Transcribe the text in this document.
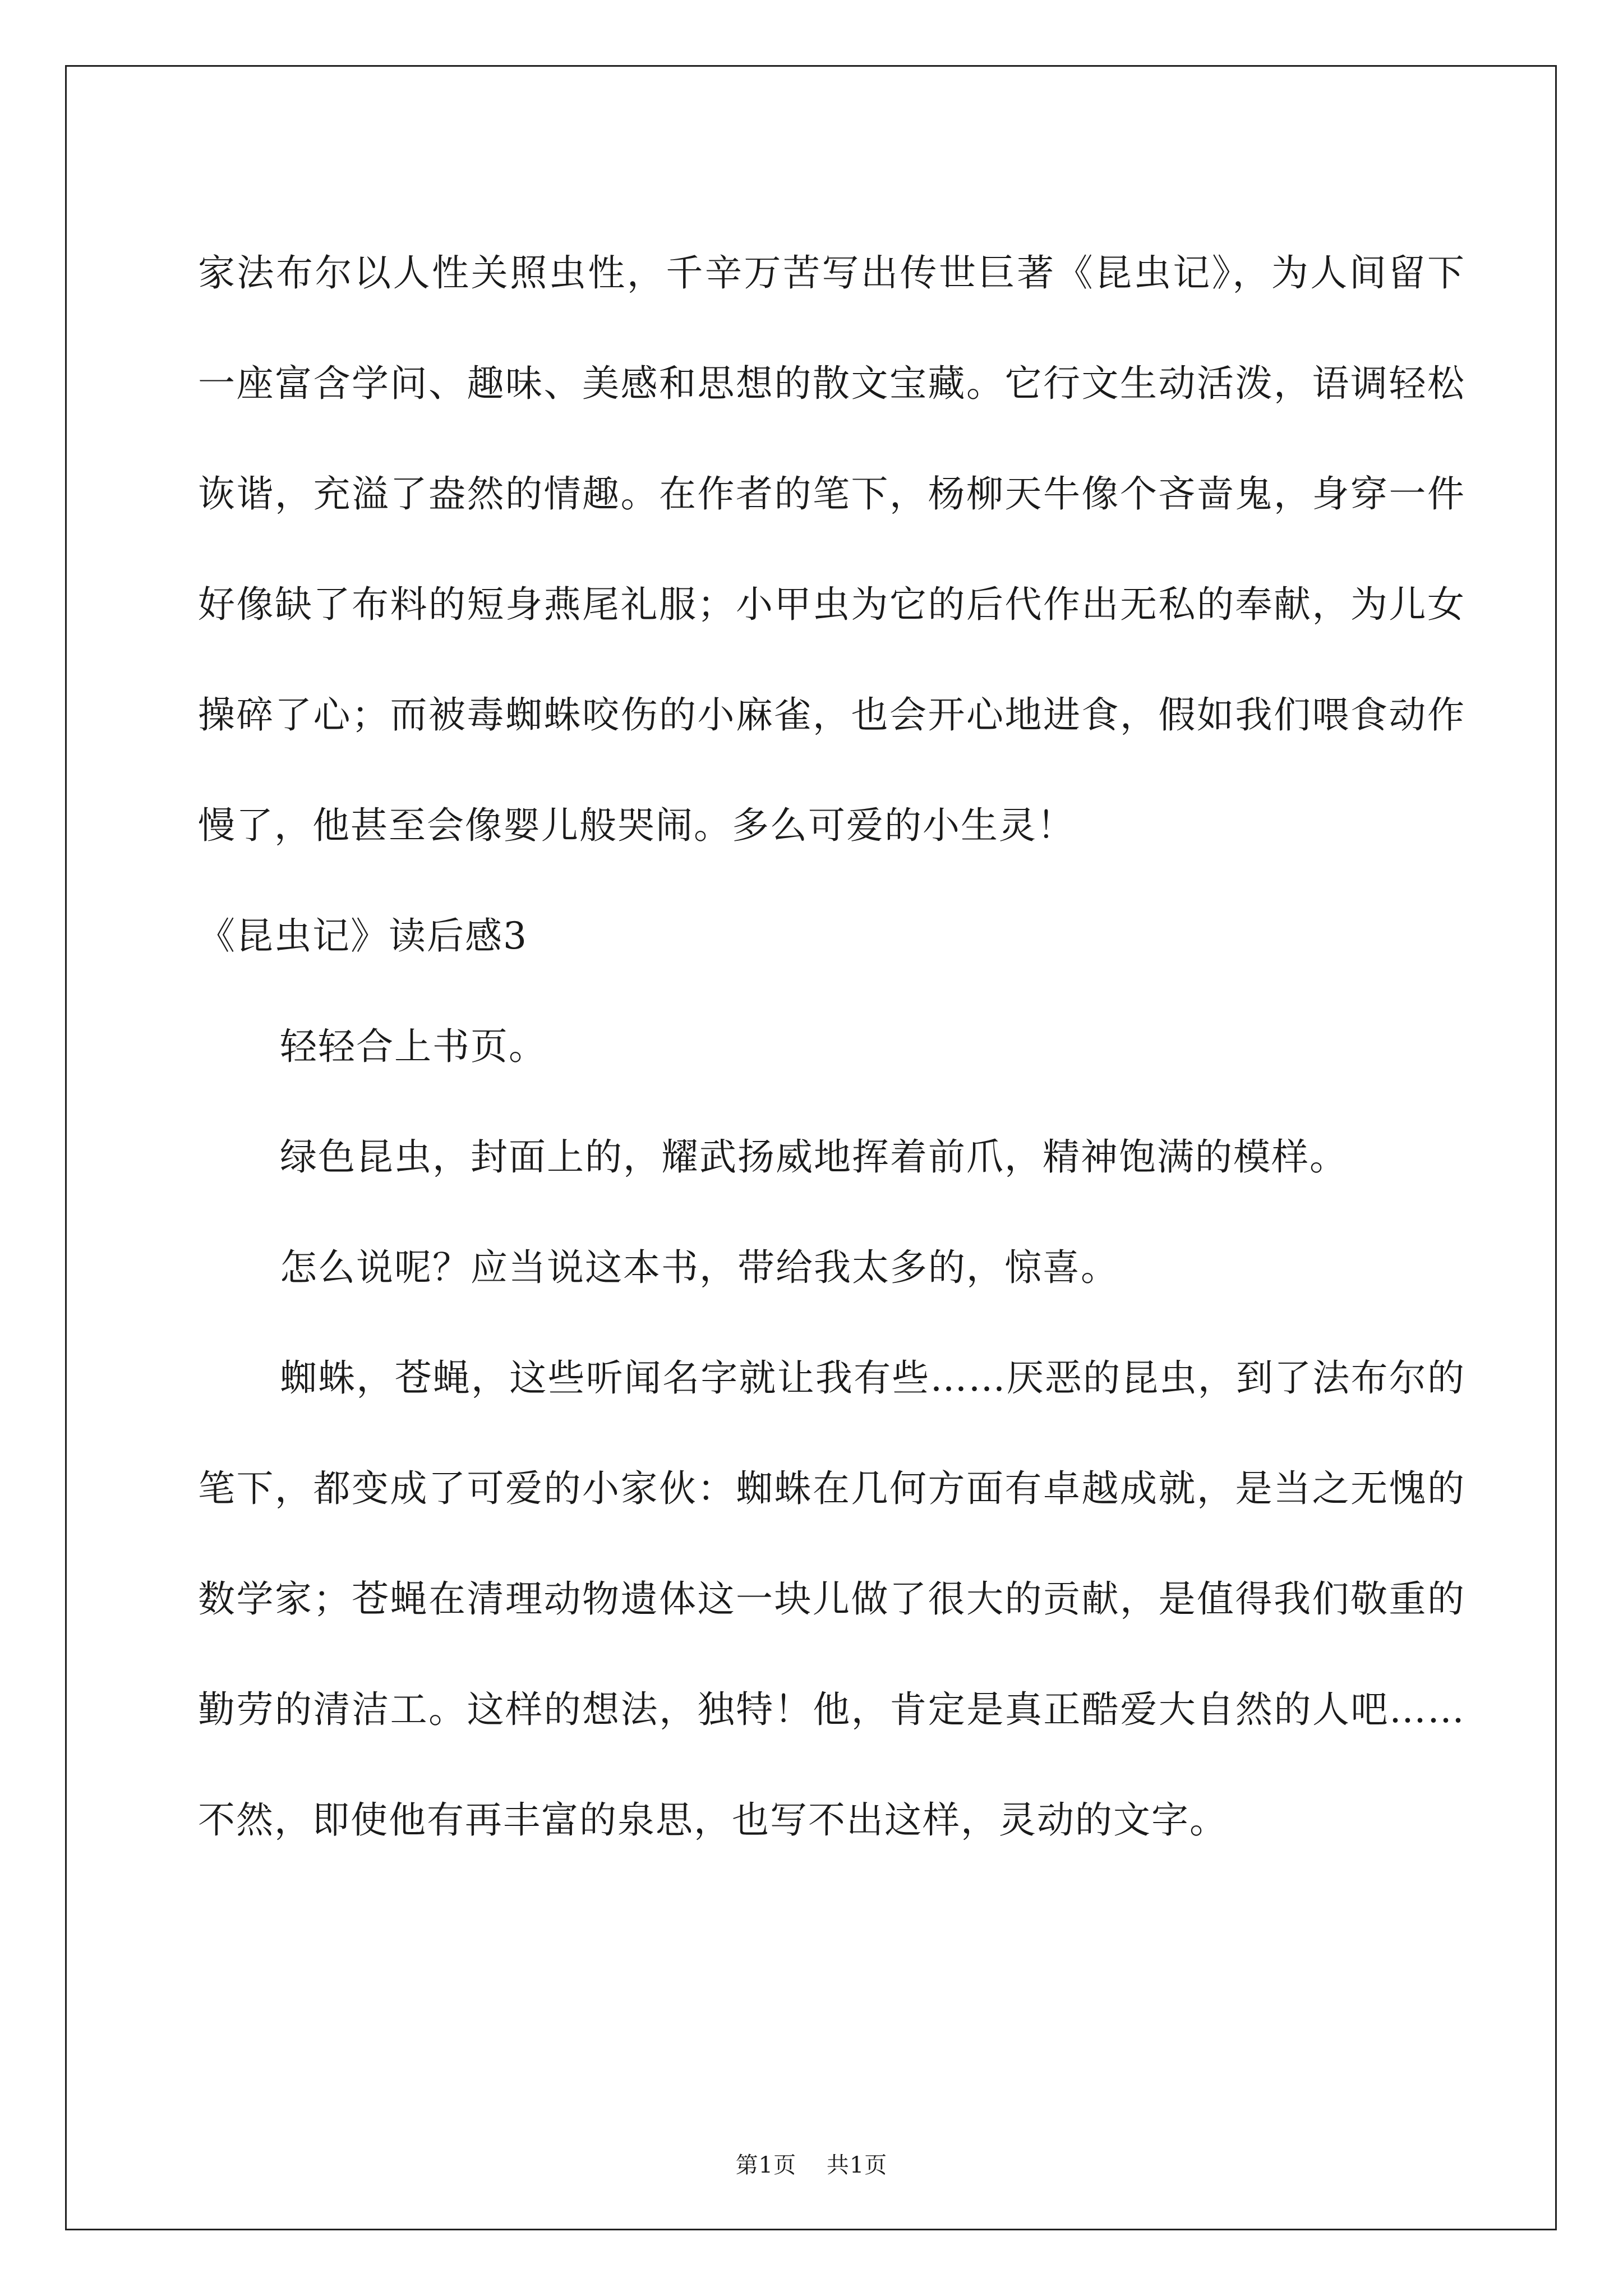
家法布尔以人性关照虫性，千辛万苦写出传世巨著《昆虫记》，为人间留下一座富含学问、趣味、美感和思想的散文宝藏。它行文生动活泼，语调轻松诙谐，充溢了盎然的情趣。在作者的笔下，杨柳天牛像个吝啬鬼，身穿一件好像缺了布料的短身燕尾礼服；小甲虫为它的后代作出无私的奉献，为儿女操碎了心；而被毒蜘蛛咬伤的小麻雀，也会开心地进食，假如我们喂食动作慢了，他甚至会像婴儿般哭闹。多么可爱的小生灵！

《昆虫记》读后感3

轻轻合上书页。

绿色昆虫，封面上的，耀武扬威地挥着前爪，精神饱满的模样。

怎么说呢？应当说这本书，带给我太多的，惊喜。

蜘蛛，苍蝇，这些听闻名字就让我有些……厌恶的昆虫，到了法布尔的笔下，都变成了可爱的小家伙：蜘蛛在几何方面有卓越成就，是当之无愧的数学家；苍蝇在清理动物遗体这一块儿做了很大的贡献，是值得我们敬重的勤劳的清洁工。这样的想法，独特！他，肯定是真正酷爱大自然的人吧……不然，即使他有再丰富的泉思，也写不出这样，灵动的文字。

第1页 共1页
